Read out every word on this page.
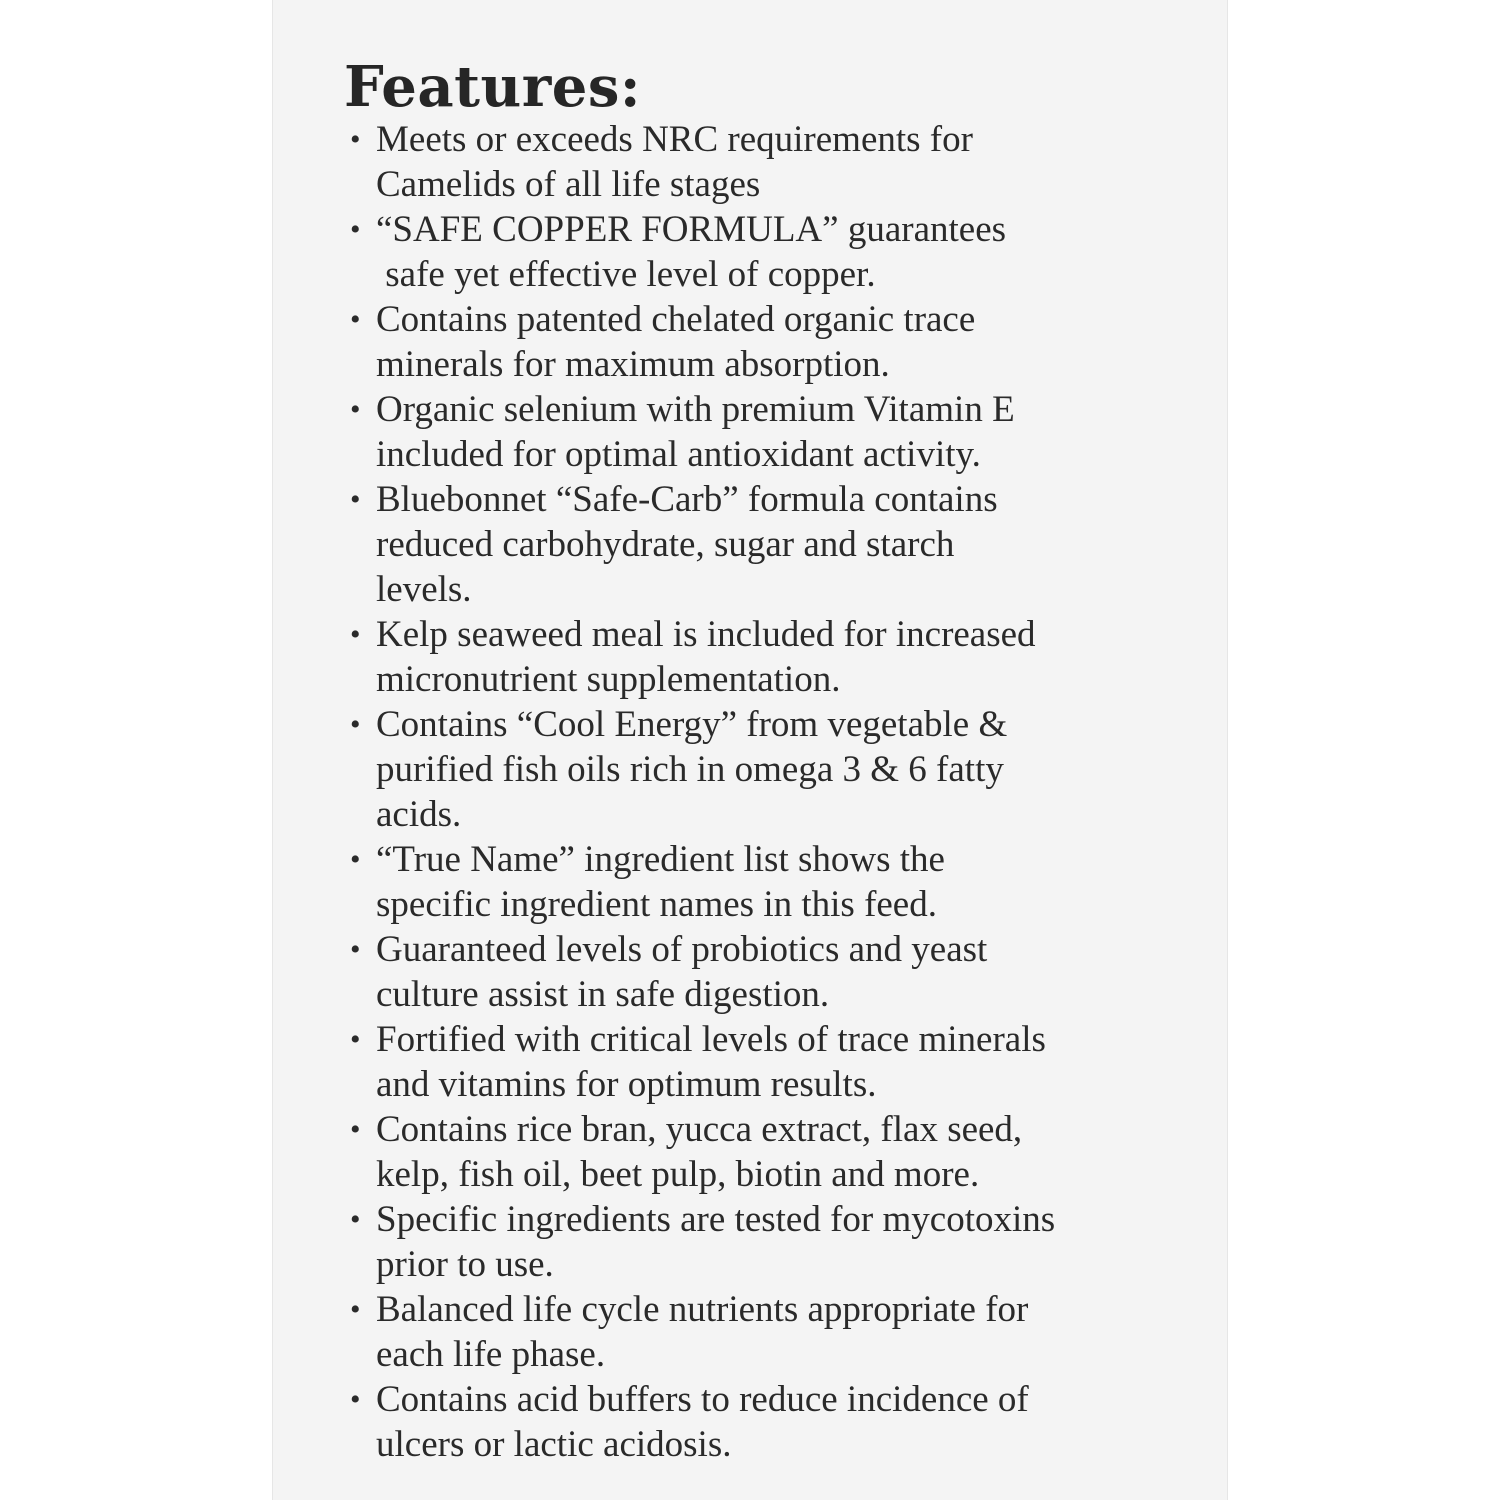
Features:
• Meets or exceeds NRC requirements for
Camelids of all life stages
• “SAFE COPPER FORMULA” guarantees
safe yet effective level of copper.
• Contains patented chelated organic trace
minerals for maximum absorption.
• Organic selenium with premium Vitamin E
included for optimal antioxidant activity.
• Bluebonnet “Safe-Carb” formula contains
reduced carbohydrate, sugar and starch
levels.
• Kelp seaweed meal is included for increased
micronutrient supplementation.
• Contains “Cool Energy” from vegetable &
purified fish oils rich in omega 3 & 6 fatty
acids.
• “True Name” ingredient list shows the
specific ingredient names in this feed.
• Guaranteed levels of probiotics and yeast
culture assist in safe digestion.
• Fortified with critical levels of trace minerals
and vitamins for optimum results.
• Contains rice bran, yucca extract, flax seed,
kelp, fish oil, beet pulp, biotin and more.
• Specific ingredients are tested for mycotoxins
prior to use.
• Balanced life cycle nutrients appropriate for
each life phase.
• Contains acid buffers to reduce incidence of
ulcers or lactic acidosis.
